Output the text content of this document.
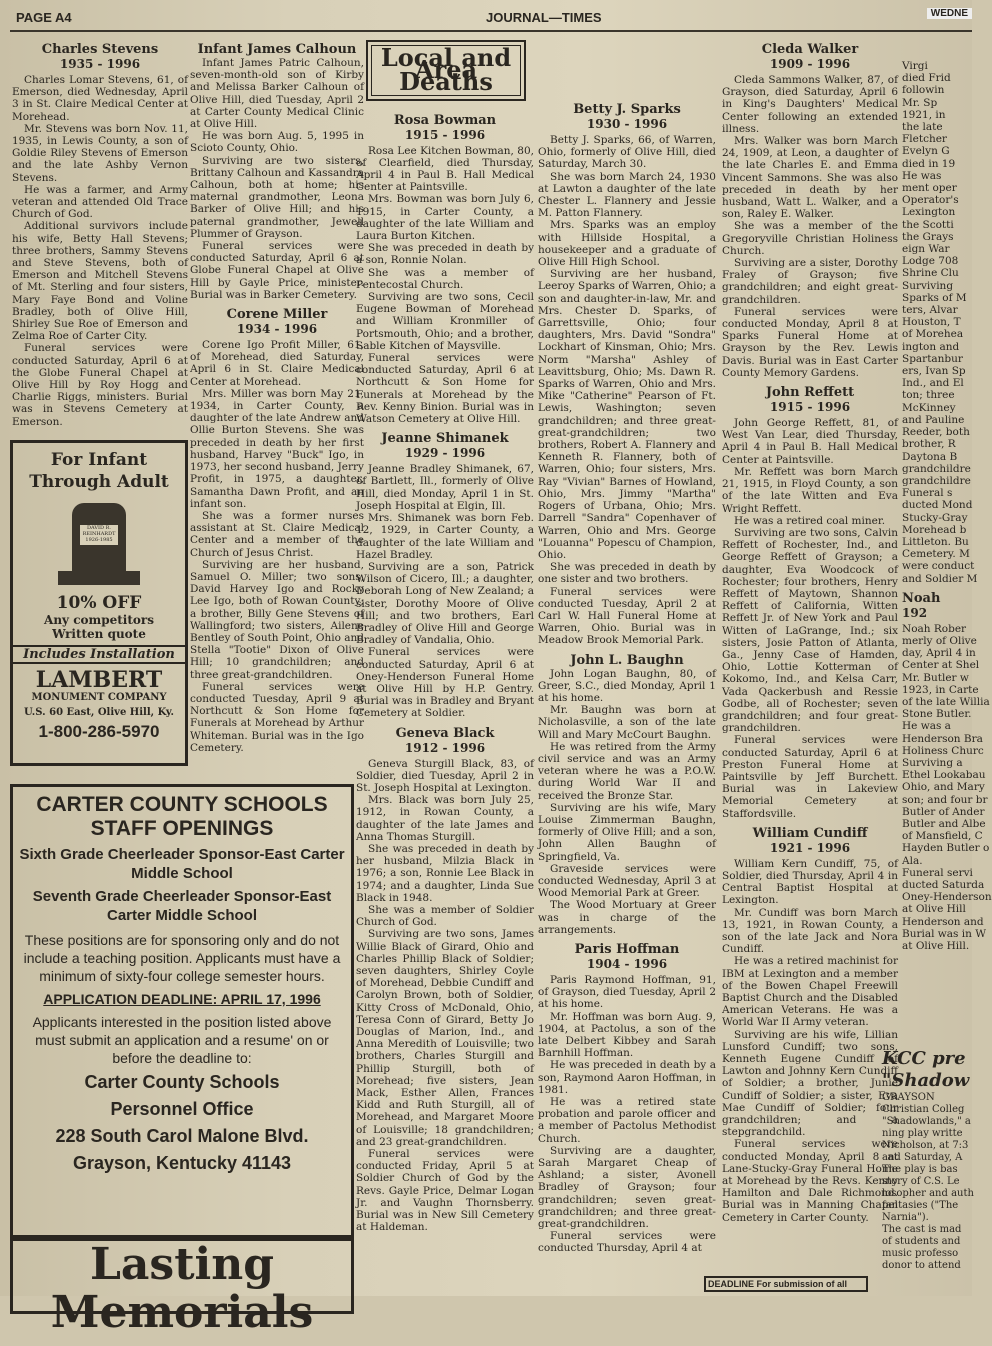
PAGE A4	JOURNAL—TIMES	WEDNE
Charles Stevens
1935 - 1996

Charles Lomar Stevens, 61, of Emerson, died Wednesday, April 3 in St. Claire Medical Center at Morehead.

Mr. Stevens was born Nov. 11, 1935, in Lewis County, a son of Goldie Riley Stevens of Emerson and the late Ashby Vernon Stevens.

He was a farmer, and Army veteran and attended Old Trace Church of God.

Additional survivors include his wife, Betty Hall Stevens; three brothers, Sammy Stevens and Steve Stevens, both of Emerson and Mitchell Stevens of Mt. Sterling and four sisters, Mary Faye Bond and Voline Bradley, both of Olive Hill, Shirley Sue Roe of Emerson and Zelma Roe of Carter City.

Funeral services were conducted Saturday, April 6 at the Globe Funeral Chapel at Olive Hill by Roy Hogg and Charlie Riggs, ministers. Burial was in Stevens Cemetery at Emerson.

Infant James Calhoun

Infant James Patric Calhoun, seven-month-old son of Kirby and Melissa Barker Calhoun of Olive Hill, died Tuesday, April 2 at Carter County Medical Clinic at Olive Hill.

He was born Aug. 5, 1995 in Scioto County, Ohio.

Surviving are two sisters, Brittany Calhoun and Kassandra Calhoun, both at home; his maternal grandmother, Leona Barker of Olive Hill; and his paternal grandmother, Jewell Plummer of Grayson.

Funeral services were conducted Saturday, April 6 at Globe Funeral Chapel at Olive Hill by Gayle Price, minister. Burial was in Barker Cemetery.

Corene Miller
1934 - 1996

Corene Igo Profit Miller, 61, of Morehead, died Saturday, April 6 in St. Claire Medical Center at Morehead.

Mrs. Miller was born May 21, 1934, in Carter County, a daughter of the late Andrew and Ollie Burton Stevens. She was preceded in death by her first husband, Harvey "Buck" Igo, in 1973, her second husband, Jerry Profit, in 1975, a daughter, Samantha Dawn Profit, and an infant son.

She was a former nurses assistant at St. Claire Medical Center and a member of the Church of Jesus Christ.

Surviving are her husband, Samuel O. Miller; two sons, David Harvey Igo and Rocky Lee Igo, both of Rowan County; a brother, Billy Gene Stevens of Wallingford; two sisters, Ailene Bentley of South Point, Ohio and Stella "Tootie" Dixon of Olive Hill; 10 grandchildren; and three great-grandchildren.

Funeral services were conducted Tuesday, April 9 at Northcutt & Son Home for Funerals at Morehead by Arthur Whiteman. Burial was in the Igo Cemetery.

Local and Area Deaths
Rosa Bowman
1915 - 1996

Rosa Lee Kitchen Bowman, 80, of Clearfield, died Thursday, April 4 in Paul B. Hall Medical Center at Paintsville.

Mrs. Bowman was born July 6, 1915, in Carter County, a daughter of the late William and Laura Burton Kitchen.

She was preceded in death by a son, Ronnie Nolan.

She was a member of Pentecostal Church.

Surviving are two sons, Cecil Eugene Bowman of Morehead and William Kronmiller of Portsmouth, Ohio; and a brother, Sable Kitchen of Maysville.

Funeral services were conducted Saturday, April 6 at Northcutt & Son Home for Funerals at Morehead by the Rev. Kenny Binion. Burial was in Watson Cemetery at Olive Hill.

Jeanne Shimanek
1929 - 1996

Jeanne Bradley Shimanek, 67, of Bartlett, Ill., formerly of Olive Hill, died Monday, April 1 in St. Joseph Hospital at Elgin, Ill.

Mrs. Shimanek was born Feb. 12, 1929, in Carter County, a daughter of the late William and Hazel Bradley.

Surviving are a son, Patrick Wilson of Cicero, Ill.; a daughter, Deborah Long of New Zealand; a sister, Dorothy Moore of Olive Hill; and two brothers, Earl Bradley of Olive Hill and George Bradley of Vandalia, Ohio.

Funeral services were conducted Saturday, April 6 at Oney-Henderson Funeral Home at Olive Hill by H.P. Gentry. Burial was in Bradley and Bryant Cemetery at Soldier.

Geneva Black
1912 - 1996

Geneva Sturgill Black, 83, of Soldier, died Tuesday, April 2 in St. Joseph Hospital at Lexington.

Mrs. Black was born July 25, 1912, in Rowan County, a daughter of the late James and Anna Thomas Sturgill.

She was preceded in death by her husband, Milzia Black in 1976; a son, Ronnie Lee Black in 1974; and a daughter, Linda Sue Black in 1948.

She was a member of Soldier Church of God.

Surviving are two sons, James Willie Black of Girard, Ohio and Charles Phillip Black of Soldier; seven daughters, Shirley Coyle of Morehead, Debbie Cundiff and Carolyn Brown, both of Soldier, Kitty Cross of McDonald, Ohio, Teresa Conn of Girard, Betty Jo Douglas of Marion, Ind., and Anna Meredith of Louisville; two brothers, Charles Sturgill and Phillip Sturgill, both of Morehead; five sisters, Jean Mack, Esther Allen, Frances Kidd and Ruth Sturgill, all of Morehead, and Margaret Moore of Louisville; 18 grandchildren; and 23 great-grandchildren.

Funeral services were conducted Friday, April 5 at Soldier Church of God by the Revs. Gayle Price, Delmar Logan Jr. and Vaughn Thornsberry. Burial was in New Sill Cemetery at Haldeman.

Betty J. Sparks
1930 - 1996

Betty J. Sparks, 66, of Warren, Ohio, formerly of Olive Hill, died Saturday, March 30.

She was born March 24, 1930 at Lawton a daughter of the late Chester L. Flannery and Jessie M. Patton Flannery.

Mrs. Sparks was an employ with Hillside Hospital, a housekeeper and a graduate of Olive Hill High School.

Surviving are her husband, Leeroy Sparks of Warren, Ohio; a son and daughter-in-law, Mr. and Mrs. Chester D. Sparks, of Garrettsville, Ohio; four daughters, Mrs. David "Sondra" Lockhart of Kinsman, Ohio; Mrs. Norm "Marsha" Ashley of Leavittsburg, Ohio; Ms. Dawn R. Sparks of Warren, Ohio and Mrs. Mike "Catherine" Pearson of Ft. Lewis, Washington; seven grandchildren; and three great-great-grandchildren; two brothers, Robert A. Flannery and Kenneth R. Flannery, both of Warren, Ohio; four sisters, Mrs. Ray "Vivian" Barnes of Howland, Ohio, Mrs. Jimmy "Martha" Rogers of Urbana, Ohio; Mrs. Darrell "Sandra" Copenhaver of Warren, Ohio and Mrs. George "Louanna" Popescu of Champion, Ohio.

She was preceded in death by one sister and two brothers.

Funeral services were conducted Tuesday, April 2 at Carl W. Hall Funeral Home at Warren, Ohio. Burial was in Meadow Brook Memorial Park.

John L. Baughn

John Logan Baughn, 80, of Greer, S.C., died Monday, April 1 at his home.

Mr. Baughn was born at Nicholasville, a son of the late Will and Mary McCourt Baughn.

He was retired from the Army civil service and was an Army veteran where he was a P.O.W. during World War II and received the Bronze Star.

Surviving are his wife, Mary Louise Zimmerman Baughn, formerly of Olive Hill; and a son, John Allen Baughn of Springfield, Va.

Graveside services were conducted Wednesday, April 3 at Wood Memorial Park at Greer.

The Wood Mortuary at Greer was in charge of the arrangements.

Paris Hoffman
1904 - 1996

Paris Raymond Hoffman, 91, of Grayson, died Tuesday, April 2 at his home.

Mr. Hoffman was born Aug. 9, 1904, at Pactolus, a son of the late Delbert Kibbey and Sarah Barnhill Hoffman.

He was preceded in death by a son, Raymond Aaron Hoffman, in 1981.

He was a retired state probation and parole officer and a member of Pactolus Methodist Church.

Surviving are a daughter, Sarah Margaret Cheap of Ashland; a sister, Avonell Bradley of Grayson; four grandchildren; seven great-grandchildren; and three great-great-grandchildren.

Funeral services were conducted Thursday, April 4 at

Cleda Walker
1909 - 1996

Cleda Sammons Walker, 87, of Grayson, died Saturday, April 6 in King's Daughters' Medical Center following an extended illness.

Mrs. Walker was born March 24, 1909, at Leon, a daughter of the late Charles E. and Emma Vincent Sammons. She was also preceded in death by her husband, Watt L. Walker, and a son, Raley E. Walker.

She was a member of the Gregoryville Christian Holiness Church.

Surviving are a sister, Dorothy Fraley of Grayson; five grandchildren; and eight great-grandchildren.

Funeral services were conducted Monday, April 8 at Sparks Funeral Home at Grayson by the Rev. Lewis Davis. Burial was in East Carter County Memory Gardens.

John Reffett
1915 - 1996

John George Reffett, 81, of West Van Lear, died Thursday, April 4 in Paul B. Hall Medical Center at Paintsville.

Mr. Reffett was born March 21, 1915, in Floyd County, a son of the late Witten and Eva Wright Reffett.

He was a retired coal miner.

Surviving are two sons, Calvin Reffett of Rochester, Ind., and George Reffett of Grayson; a daughter, Eva Woodcock of Rochester; four brothers, Henry Reffett of Maytown, Shannon Reffett of California, Witten Reffett Jr. of New York and Paul Witten of LaGrange, Ind.; six sisters, Josie Patton of Atlanta, Ga., Jenny Case of Hamden, Ohio, Lottie Kotterman of Kokomo, Ind., and Kelsa Carr, Vada Qackerbush and Ressie Godbe, all of Rochester; seven grandchildren; and four great-grandchildren.

Funeral services were conducted Saturday, April 6 at Preston Funeral Home at Paintsville by Jeff Burchett. Burial was in Lakeview Memorial Cemetery at Staffordsville.

William Cundiff
1921 - 1996

William Kern Cundiff, 75, of Soldier, died Thursday, April 4 in Central Baptist Hospital at Lexington.

Mr. Cundiff was born March 13, 1921, in Rowan County, a son of the late Jack and Nora Cundiff.

He was a retired machinist for IBM at Lexington and a member of the Bowen Chapel Freewill Baptist Church and the Disabled American Veterans. He was a World War II Army veteran.

Surviving are his wife, Lillian Lunsford Cundiff; two sons, Kenneth Eugene Cundiff of Lawton and Johnny Kern Cundiff of Soldier; a brother, Junie Cundiff of Soldier; a sister, Eva Mae Cundiff of Soldier; four grandchildren; and a stepgrandchild.

Funeral services were conducted Monday, April 8 at Lane-Stucky-Gray Funeral Home at Morehead by the Revs. Kenny Hamilton and Dale Richmond. Burial was in Manning Chapel Cemetery in Carter County.

Virgi
died Frid
followin
Mr. Sp
1921, in
the late
Fletcher
Evelyn G
died in 19
He was
ment oper
Operator's
Lexington
the Scotti
the Grays
eign War
Lodge 708
Shrine Clu
Surviving
Sparks of M
ters, Alvar
Houston, T
of Morehea
ington and
Spartanbur
ers, Ivan Sp
Ind., and El
ton; three
McKinney
and Pauline
Reeder, both
brother, R
Daytona B
grandchildre
grandchildre
Funeral s
ducted Mond
Stucky-Gray
Morehead b
Littleton. Bu
Cemetery. M
were conduct
and Soldier M
Noah
192
Noah Rober
merly of Olive
day, April 4 in
Center at Shel
Mr. Butler w
1923, in Carte
of the late Willia
Stone Butler.
He was a
Henderson Bra
Holiness Churc
Surviving a
Ethel Lookabau
Ohio, and Mary
son; and four br
Butler of Ander
Butler and Albe
of Mansfield, C
Hayden Butler o
Ala.
Funeral servi
ducted Saturda
Oney-Henderson
at Olive Hill
Henderson and
Burial was in W
at Olive Hill.
KCC pre
"Shadow
GRAYSON
Christian Colleg
"Shadowlands," a
ning play writte
Nicholson, at 7:3
and Saturday, A
The play is bas
story of C.S. Le
losopher and auth
fantasies ("The
Narnia").
The cast is mad
of students and
music professo
donor to attend
For Infant Through Adult
DAVID R. REINHARDT 1926-1985
10% OFF
Any competitors
Written quote
Includes Installation
LAMBERT
MONUMENT COMPANY
U.S. 60 East, Olive Hill, Ky.
1-800-286-5970
CARTER COUNTY SCHOOLS STAFF OPENINGS
Sixth Grade Cheerleader Sponsor-East Carter Middle School
Seventh Grade Cheerleader Sponsor-East Carter Middle School
These positions are for sponsoring only and do not include a teaching position. Applicants must have a minimum of sixty-four college semester hours.
APPLICATION DEADLINE: APRIL 17, 1996
Applicants interested in the position listed above must submit an application and a resume' on or before the deadline to:
Carter County Schools
Personnel Office
228 South Carol Malone Blvd.
Grayson, Kentucky 41143
Lasting
Memorials
DEADLINE For submission of all
